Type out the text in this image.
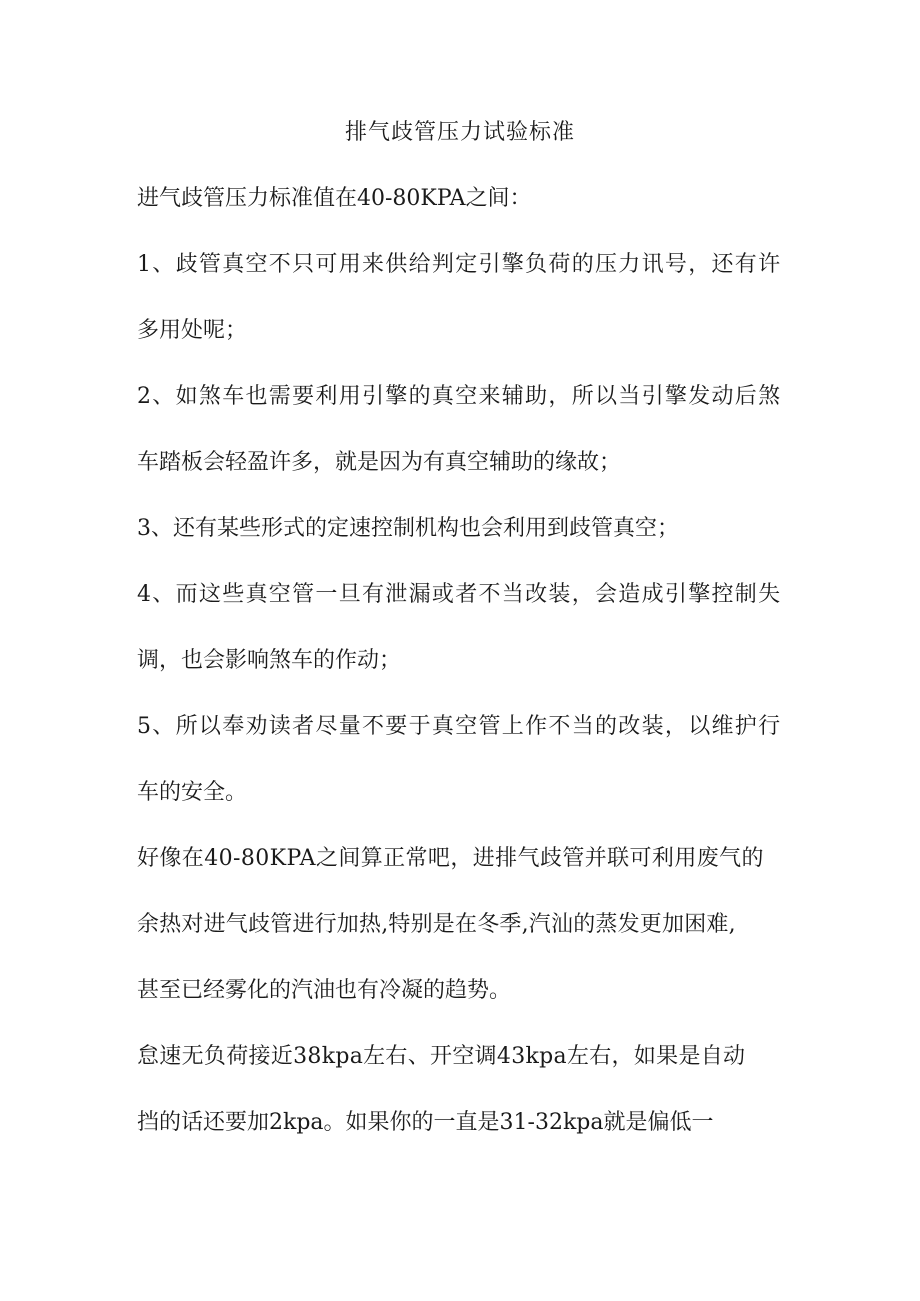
排气歧管压力试验标准

进气歧管压力标准值在40-80KPA之间：

1、歧管真空不只可用来供给判定引擎负荷的压力讯号，还有许

多用处呢；

2、如煞车也需要利用引擎的真空来辅助，所以当引擎发动后煞

车踏板会轻盈许多，就是因为有真空辅助的缘故；

3、还有某些形式的定速控制机构也会利用到歧管真空；

4、而这些真空管一旦有泄漏或者不当改装，会造成引擎控制失

调，也会影响煞车的作动；

5、所以奉劝读者尽量不要于真空管上作不当的改装，以维护行

车的安全。

好像在40-80KPA之间算正常吧，进排气歧管并联可利用废气的

余热对进气歧管进行加热,特别是在冬季,汽汕的蒸发更加困难,

甚至已经雾化的汽油也有冷凝的趋势。

怠速无负荷接近38kpa左右、开空调43kpa左右，如果是自动

挡的话还要加2kpa。如果你的一直是31-32kpa就是偏低一
